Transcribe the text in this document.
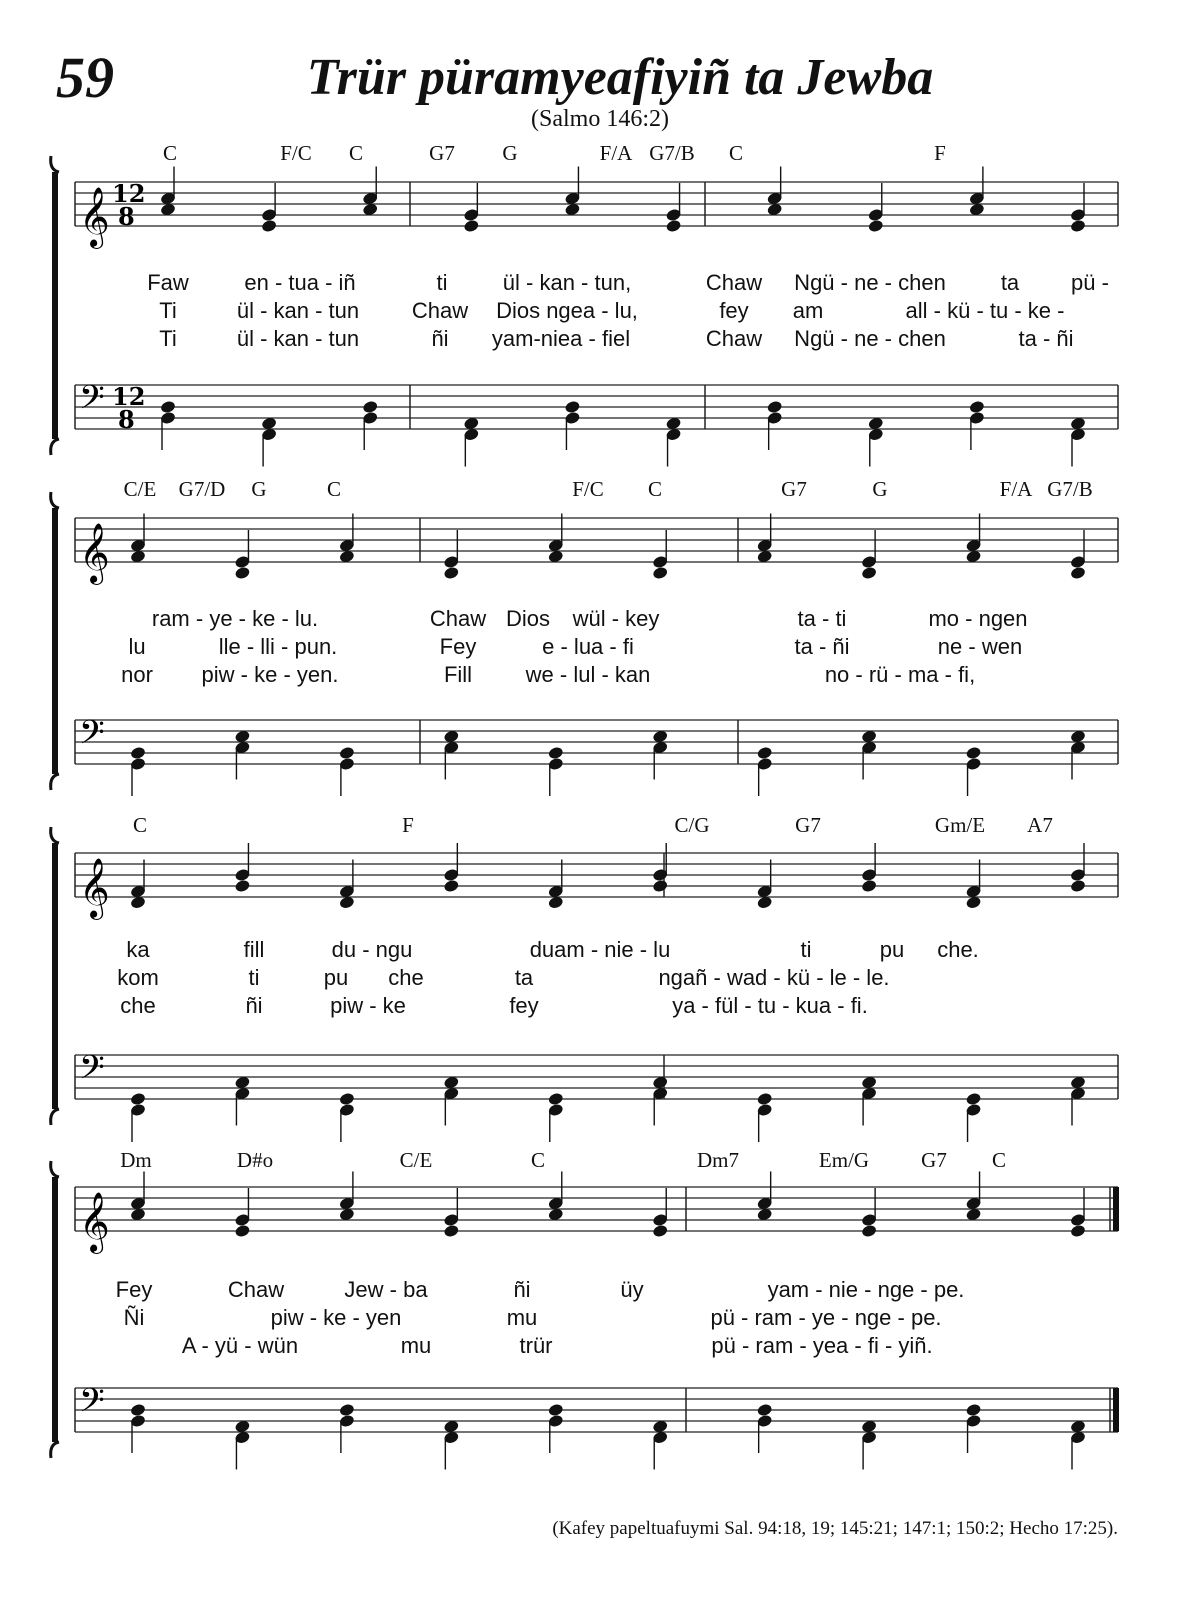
59	Trür püramyeafiyiñ ta Jewba
(Salmo 146:2)
C	F/C C	G7 G	F/A G7/B C	F
Faw	en - tua - iñ	ti	ül - kan - tun,	Chaw Ngü - ne - chen	ta pü -
Ti	ül - kan - tun Chaw Dios ngea - lu,	fey am	all - kü - tu - ke -
Ti	ül - kan - tun	ñi yam-niea - fiel	Chaw Ngü - ne - chen	ta - ñi
C/E G7/D G	C	F/C C	G7	G	F/A G7/B
ram - ye - ke - lu.	Chaw Dios wül - key	ta - ti	mo - ngen
lu	lle - lli - pun.	Fey	e - lua - fi	ta - ñi	ne - wen
nor piw - ke - yen.	Fill we - lul - kan	no - rü - ma - fi,
C	F	C/G	G7	Gm/E A7
ka	fill	du - ngu	duam - nie - lu	ti	pu che.
kom	ti	pu che	ta	ngañ - wad - kü - le - le.
che	ñi	piw - ke	fey	ya - fül - tu - kua - fi.
Dm	D#o	C/E	C	Dm7	Em/G G7 C
Fey	Chaw	Jew - ba	ñi	üy	yam - nie - nge - pe.
Ñi	piw - ke - yen	mu	pü - ram - ye - nge - pe.
A - yü - wün	mu	trür	pü - ram - yea - fi - yiñ.
𝄞 12
8
𝄢 12
8
𝄞
𝄢
𝄞
𝄢
𝄞
𝄢
(Kafey papeltuafuymi Sal. 94:18, 19; 145:21; 147:1; 150:2; Hecho 17:25).
